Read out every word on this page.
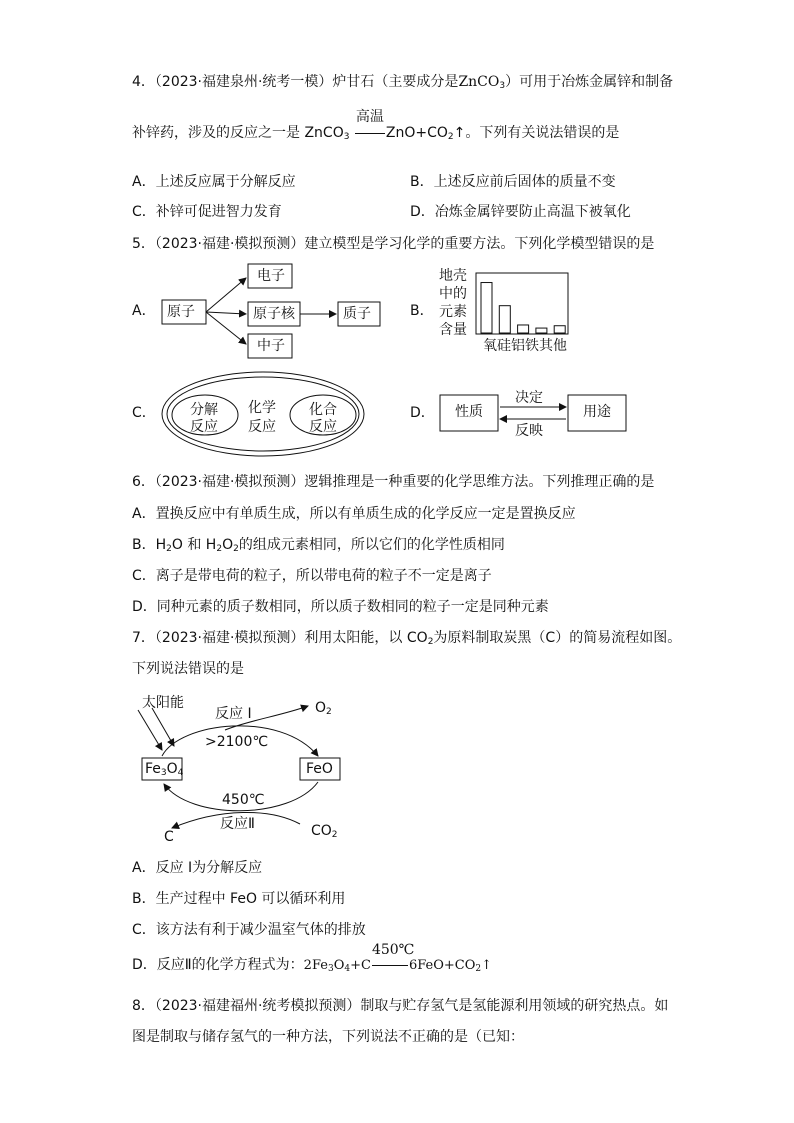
4．（2023·福建泉州·统考一模）炉甘石（主要成分是ZnCO$_3$）可用于冶炼金属锌和制备
补锌药，涉及的反应之一是 ZnCO$_3$
高温
$ZnO+CO_2↑$。下列有关说法错误的是
A．上述反应属于分解反应	B．上述反应前后固体的质量不变
C．补锌可促进智力发育	D．冶炼金属锌要防止高温下被氧化
5．（2023·福建·模拟预测）建立模型是学习化学的重要方法。下列化学模型错误的是
A． 原子
电子
原子核	质子
中子
B．
地壳
中的
元素
含量
氧硅铝铁其他
C． 分解
反应
化学
反应
化合
反应
D． 性质	用途
决定
反映
6．（2023·福建·模拟预测）逻辑推理是一种重要的化学思维方法。下列推理正确的是
A．置换反应中有单质生成，所以有单质生成的化学反应一定是置换反应
B．$H_2O$ 和 $H_2O_2$的组成元素相同，所以它们的化学性质相同
C．离子是带电荷的粒子，所以带电荷的粒子不一定是离子
D．同种元素的质子数相同，所以质子数相同的粒子一定是同种元素
7．（2023·福建·模拟预测）利用太阳能，以 $CO_2$为原料制取炭黑（C）的简易流程如图。
下列说法错误的是
太阳能
反应 I	$O_2$
>2100℃
$Fe_3O_4$	FeO
450℃
C
反应Ⅱ	$CO_2$
A．反应 I为分解反应
B．生产过程中 FeO 可以循环利用
C．该方法有利于减少温室气体的排放
D．反应Ⅱ的化学方程式为：$2Fe_3O_4+C$
450℃
$6FeO+CO_2↑$
8．（2023·福建福州·统考模拟预测）制取与贮存氢气是氢能源利用领域的研究热点。如
图是制取与储存氢气的一种方法，下列说法不正确的是（已知：
